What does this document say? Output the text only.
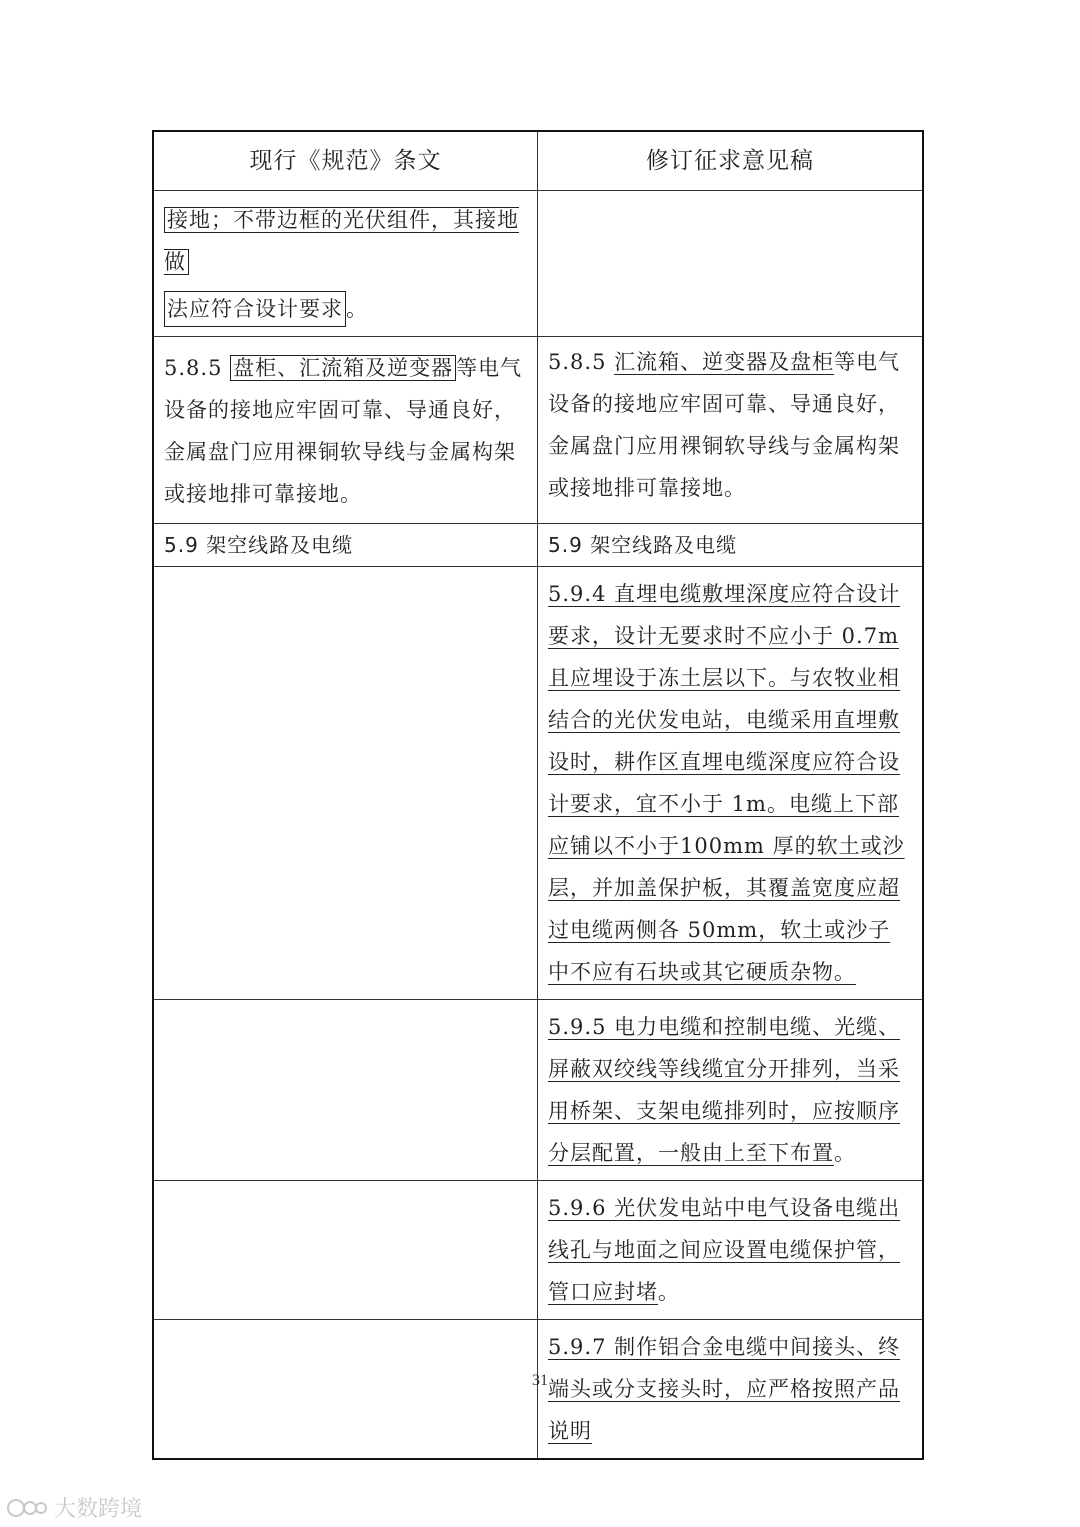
现行《规范》条文	修订征求意见稿
接地；不带边框的光伏组件，其接地做
法应符合设计要求 。
5.8.5 盘柜、汇流箱及逆变器 等电气设备的接地应牢固可靠、导通良好，金属盘门应用裸铜软导线与金属构架或接地排可靠接地。
5.8.5 汇流箱、逆变器及盘柜等电气设备的接地应牢固可靠、导通良好，金属盘门应用裸铜软导线与金属构架或接地排可靠接地。
5.9 架空线路及电缆	5.9 架空线路及电缆
5.9.4 直埋电缆敷埋深度应符合设计要求，设计无要求时不应小于 0.7m 且应埋设于冻土层以下。与农牧业相结合的光伏发电站，电缆采用直埋敷设时，耕作区直埋电缆深度应符合设计要求，宜不小于 1m。电缆上下部应铺以不小于100mm 厚的软土或沙层，并加盖保护板，其覆盖宽度应超过电缆两侧各 50mm，软土或沙子中不应有石块或其它硬质杂物。
5.9.5 电力电缆和控制电缆、光缆、屏蔽双绞线等线缆宜分开排列，当采用桥架、支架电缆排列时，应按顺序分层配置，一般由上至下布置。
5.9.6 光伏发电站中电气设备电缆出线孔与地面之间应设置电缆保护管，管口应封堵。
5.9.7 制作铝合金电缆中间接头、终端头或分支接头时，应严格按照产品说明
31
大数跨境
